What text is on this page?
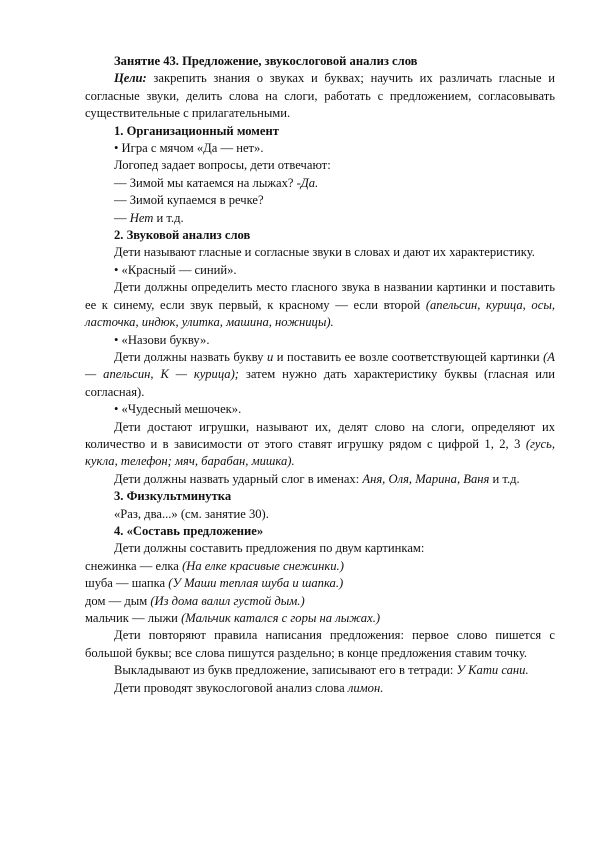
Занятие 43. Предложение, звукослоговой анализ слов

Цели: закрепить знания о звуках и буквах; научить их различать гласные и согласные звуки, делить слова на слоги, работать с предложением, согласовывать существительные с прилагательными.

1. Организационный момент

• Игра с мячом «Да — нет».

Логопед задает вопросы, дети отвечают:

— Зимой мы катаемся на лыжах? -Да.

— Зимой купаемся в речке?

— Нет и т.д.

2. Звуковой анализ слов

Дети называют гласные и согласные звуки в словах и дают их характеристику.

• «Красный — синий».

Дети должны определить место гласного звука в названии картинки и поставить ее к синему, если звук первый, к красному — если второй (апельсин, курица, осы, ласточка, индюк, улитка, машина, ножницы).

• «Назови букву».

Дети должны назвать букву и и поставить ее возле соответствующей картинки (А — апельсин, К — курица); затем нужно дать характеристику буквы (гласная или согласная).

• «Чудесный мешочек».

Дети достают игрушки, называют их, делят слово на слоги, определяют их количество и в зависимости от этого ставят игрушку рядом с цифрой 1, 2, 3 (гусь, кукла, телефон; мяч, барабан, мишка).

Дети должны назвать ударный слог в именах: Аня, Оля, Марина, Ваня и т.д.

3. Физкультминутка

«Раз, два...» (см. занятие 30).

4. «Составь предложение»

Дети должны составить предложения по двум картинкам:

снежинка — елка (На елке красивые снежинки.)

шуба — шапка (У Маши теплая шуба и шапка.)

дом — дым (Из дома валил густой дым.)

мальчик — лыжи (Мальчик катался с горы на лыжах.)

Дети повторяют правила написания предложения: первое слово пишется с большой буквы; все слова пишутся раздельно; в конце предложения ставим точку.

Выкладывают из букв предложение, записывают его в тетради: У Кати сани.

Дети проводят звукослоговой анализ слова лимон.
